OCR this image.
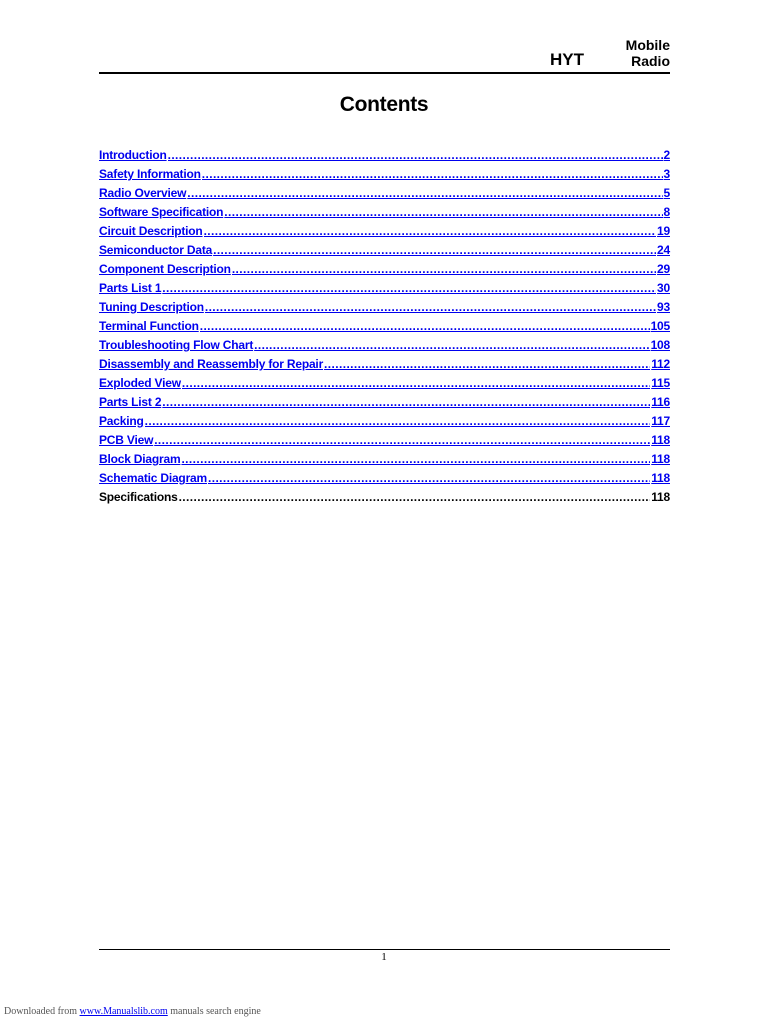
HYT
Mobile Radio
Contents
Introduction .....	2
Safety Information .....	3
Radio Overview .....	5
Software Specification .....	8
Circuit Description .....	19
Semiconductor Data .....	24
Component Description .....	29
Parts List 1 .....	30
Tuning Description .....	93
Terminal Function .....	105
Troubleshooting Flow Chart .....	108
Disassembly and Reassembly for Repair .....	112
Exploded View .....	115
Parts List 2 .....	116
Packing .....	117
PCB View .....	118
Block Diagram .....	118
Schematic Diagram .....	118
Specifications .....	118
1
Downloaded from www.Manualslib.com manuals search engine
